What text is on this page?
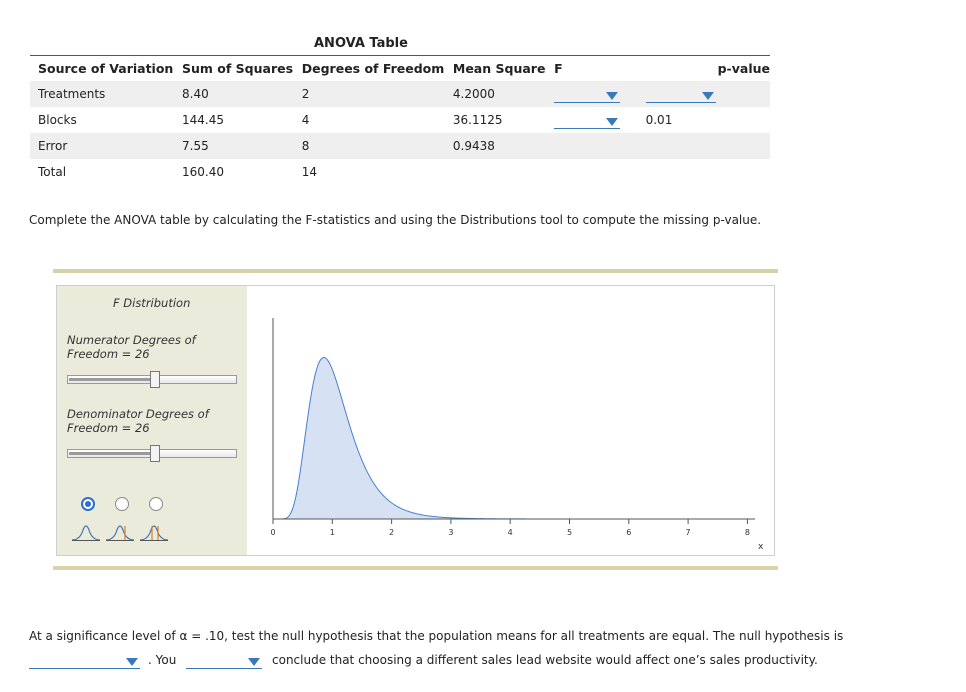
ANOVA Table
Source of Variation	Sum of Squares	Degrees of Freedom	Mean Square	F	p-value
Treatments	8.40	2	4.2000	

Blocks	144.45	4	36.1125		0.01
Error	7.55	8	0.9438		
Total	160.40	14			
Complete the ANOVA table by calculating the F-statistics and using the Distributions tool to compute the missing p-value.
F Distribution
Numerator Degrees of Freedom = 26
Denominator Degrees of Freedom = 26
0	1	2	3	4	5	6	7	8
x
At a significance level of α = .10, test the null hypothesis that the population means for all treatments are equal. The null hypothesis is
. You	conclude that choosing a different sales lead website would affect one’s sales productivity.
